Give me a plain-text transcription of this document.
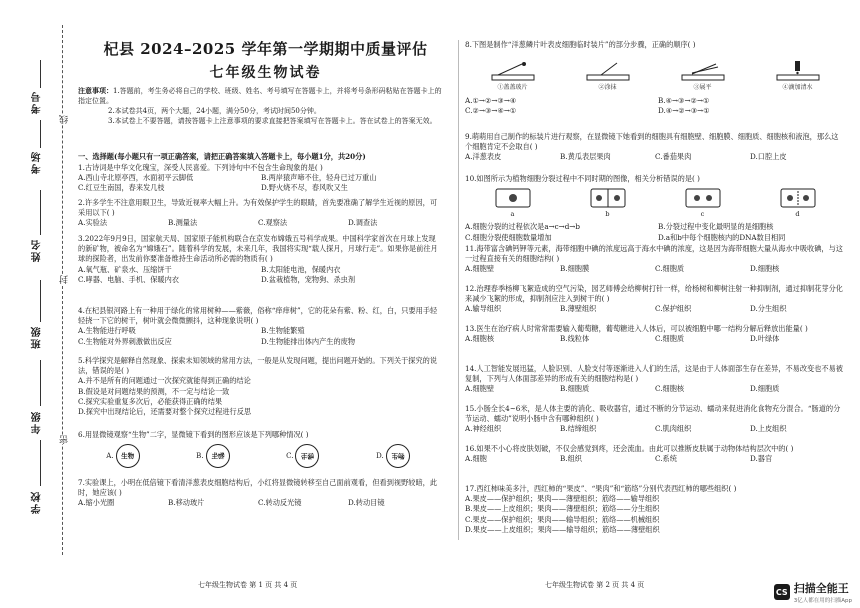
考号
考场
姓名
班级
年级
学校
线
封
密
杞县 2024–2025 学年第一学期期中质量评估
七年级生物试卷
注意事项：1.答题前，考生务必将自己的学校、班级、姓名、考号填写在答题卡上，并将考号条形码粘贴在答题卡上的指定位置。
2.本试卷共4页，两个大题，24小题，满分50分，考试时间50分钟。
3.本试卷上不要答题，请按答题卡上注意事项的要求直接把答案填写在答题卡上。答在试卷上的答案无效。
一、选择题(每小题只有一项正确答案，请把正确答案填入答题卡上，每小题1分，共20分)
1.古诗词是中华文化瑰宝，深受人民喜爱。下列诗句中不包含生命现象的是( )
A.西山寺北原亭西，水面初平云脚低	B.两岸猿声啼不住，轻舟已过万重山
C.红豆生南国，春来发几枝	D.野火烧不尽，春风吹又生
2.许多学生不注意用眼卫生，导致近视率大幅上升。为有效保护学生的眼睛，首先要准确了解学生近视的原因，可采用以下( )
A.实验法	B.测量法	C.观察法	D.调查法
3.2022年9月9日，国家航天局、国家原子能机构联合在京发布嫦娥五号科学成果。中国科学家首次在月球上发现的新矿物，被命名为“嫦娥石”。随着科学的发展，未来几年，我国将实现“载人探月，月球行走”。如果你是前往月球的探险者，出发前你要准备维持生命活动所必需的物质有( )
A.氧气瓶、矿泉水、压缩饼干	B.太阳能电池，保暖内衣
C.哮器、电脑、手机、保暖内衣	D.盆栽植物，宠物狗、杀虫剂
4.在杞县银河路上有一种用于绿化的常用树种——紫薇，俗称“痒痒树”，它的花朵有紫、粉、红，白，只要用手轻轻挠一下它的树干，树叶就会微微颤抖，这种现象说明( )
A.生物能进行呼吸	B.生物能繁殖
C.生物能对外界刺激做出反应	D.生物能排出体内产生的废物
5.科学探究是解释自然现象、探索未知领域的常用方法，一般是从发现问题，提出问题开始的。下列关于探究的说法，错误的是( )
A.并不是所有的问题通过一次探究就能得到正确的结论
B.假设是对问题结果的预测，不一定与结论一致
C.探究实验重复多次后，必能获得正确的结果
D.探究中出现结论后，还需要对整个探究过程进行反思
6.用显微镜观察“生物”二字，显微镜下看到的图形应该是下列哪种情况( )
A.	生物	B.	物生	C.	生物	D.	物生
7.实验课上，小明在低倍镜下看清洋葱表皮细胞结构后，小红将显微镜转移至自己面前观看，但看到视野较暗，此时，她应该( )
A.缩小光圈	B.移动玻片	C.转动反光镜	D.转动目镜
七年级生物试卷 第 1 页 共 4 页
8.下图是制作“洋葱鳞片叶表皮细胞临时装片”的部分步骤，正确的顺序( )
①盖盖玻片	②涂抹	③展平	④滴加清水
A.①→②→③→④	B.④→③→②→①
C.②→③→④→①	D.④→②→③→①
9.萌萌用自己制作的标装片进行观察，在显微镜下她看到的细胞具有细胞壁、细胞膜、细胞质、细胞核和液泡，那么这个细胞肯定不会取自( )
A.洋葱表皮	B.黄瓜表层果肉	C.番茄果肉	D.口腔上皮
10.如图所示为植物细胞分裂过程中不同时期的图像，相关分析错误的是( )
a	b	c	d
A.细胞分裂的过程依次是a→c→d→b	B.分裂过程中变化最明显的是细胞核
C.细胞分裂使细胞数量增加	D.a和b中每个细胞核内的DNA数目相同
11.海带富含碘钙钾等元素，海带细胞中碘的浓度远高于海水中碘的浓度，这是因为海带细胞大量从海水中吸收碘，与这一过程直接有关的细胞结构( )
A.细胞壁	B.细胞膜	C.细胞质	D.细胞核
12.治理春季杨柳飞絮造成的空气污染，园艺师傅会给柳树打针一样，给杨树和柳树注射一种抑制剂，通过抑制花芽分化来减少飞絮的形成，抑制剂应注入到树干的( )
A.输导组织	B.薄壁组织	C.保护组织	D.分生组织
13.医生在治疗病人时常常需要输入葡萄糖，葡萄糖进入人体后，可以被细胞中哪一结构分解后释放出能量( )
A.细胞核	B.线粒体	C.细胞质	D.叶绿体
14.人工智能发展迅猛，人脸识别、人脸支付等逐渐进入人们的生活，这是由于人体面部生存在差异，不易改变也不易被复制，下列与人体面部差异的形成有关的细胞结构是( )
A.细胞壁	B.细胞质	C.细胞核	D.细胞质
15.小肠全长4~6米，是人体主要的消化、吸收器官，通过不断的分节运动、蠕动来促进消化食物充分混合。“肠道的分节运动、蠕动”说明小肠中含有哪种组织( )
A.神经组织	B.结缔组织	C.肌肉组织	D.上皮组织
16.如果不小心将皮肤划破，不仅会感觉到疼，还会流血。由此可以推断皮肤属于动物体结构层次中的( )
A.细胞	B.组织	C.系统	D.器官
17.西红柿味美多汁，西红柿的“果皮”、“果肉”和“筋络”分别代表西红柿的哪些组织( )
A.果皮——保护组织；果肉——薄壁组织；筋络——输导组织
B.果皮——上皮组织；果肉——薄壁组织；筋络——分生组织
C.果皮——保护组织；果肉——输导组织；筋络——机械组织
D.果皮——上皮组织；果肉——输导组织；筋络——薄壁组织
七年级生物试卷 第 2 页 共 4 页
CS 扫描全能王
3亿人都在用的扫描App
